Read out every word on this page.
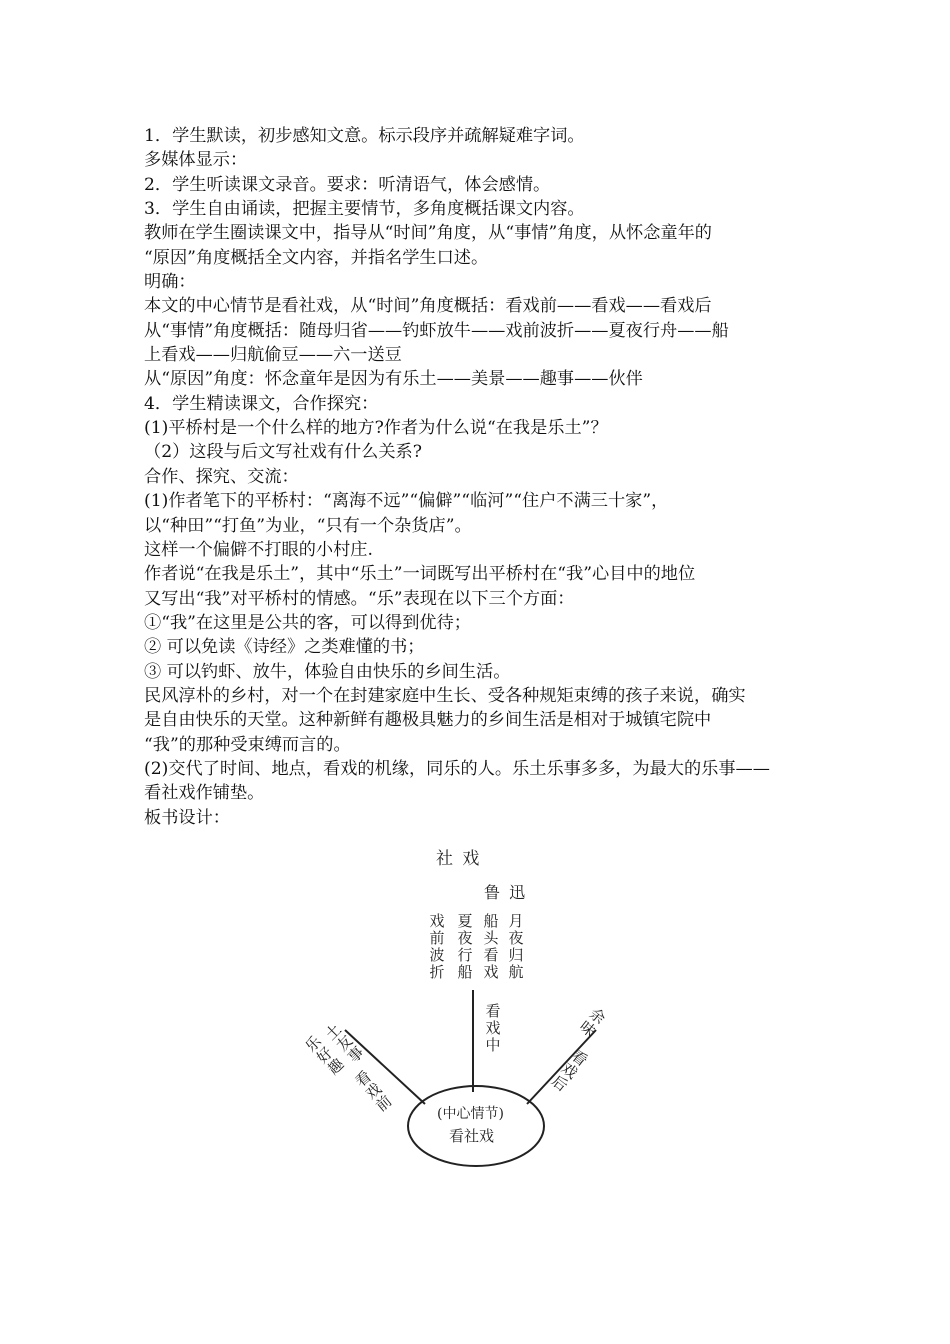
1．学生默读，初步感知文意。标示段序并疏解疑难字词。
多媒体显示：
2．学生听读课文录音。要求：听清语气，体会感情。
3．学生自由诵读，把握主要情节，多角度概括课文内容。
教师在学生圈读课文中，指导从“时间”角度，从“事情”角度，从怀念童年的
“原因”角度概括全文内容，并指名学生口述。
明确：
本文的中心情节是看社戏，从“时间”角度概括：看戏前——看戏——看戏后
从“事情”角度概括：随母归省——钓虾放牛——戏前波折——夏夜行舟——船
上看戏——归航偷豆——六一送豆
从“原因”角度：怀念童年是因为有乐土——美景——趣事——伙伴
4．学生精读课文，合作探究：
(1)平桥村是一个什么样的地方?作者为什么说“在我是乐土”？
（2）这段与后文写社戏有什么关系?
合作、探究、交流：
(1)作者笔下的平桥村：“离海不远”“偏僻”“临河”“住户不满三十家”，
以“种田”“打鱼”为业，“只有一个杂货店”。
这样一个偏僻不打眼的小村庄.
作者说“在我是乐土”，其中“乐土”一词既写出平桥村在“我”心目中的地位
又写出“我”对平桥村的情感。“乐”表现在以下三个方面：
①“我”在这里是公共的客，可以得到优待；
② 可以免读《诗经》之类难懂的书；
③ 可以钓虾、放牛，体验自由快乐的乡间生活。
民风淳朴的乡村，对一个在封建家庭中生长、受各种规矩束缚的孩子来说，确实
是自由快乐的天堂。这种新鲜有趣极具魅力的乡间生活是相对于城镇宅院中
“我”的那种受束缚而言的。
(2)交代了时间、地点，看戏的机缘，同乐的人。乐土乐事多多，为最大的乐事——
看社戏作铺垫。
板书设计：
社 戏
鲁 迅
戏
前
波
折
夏
夜
行
船
船
头
看
戏
月
夜
归
航
看
戏
中
乐
好
趣
土
友
事
看
戏
前
余
味
看
戏
后
(中心情节)
看社戏
